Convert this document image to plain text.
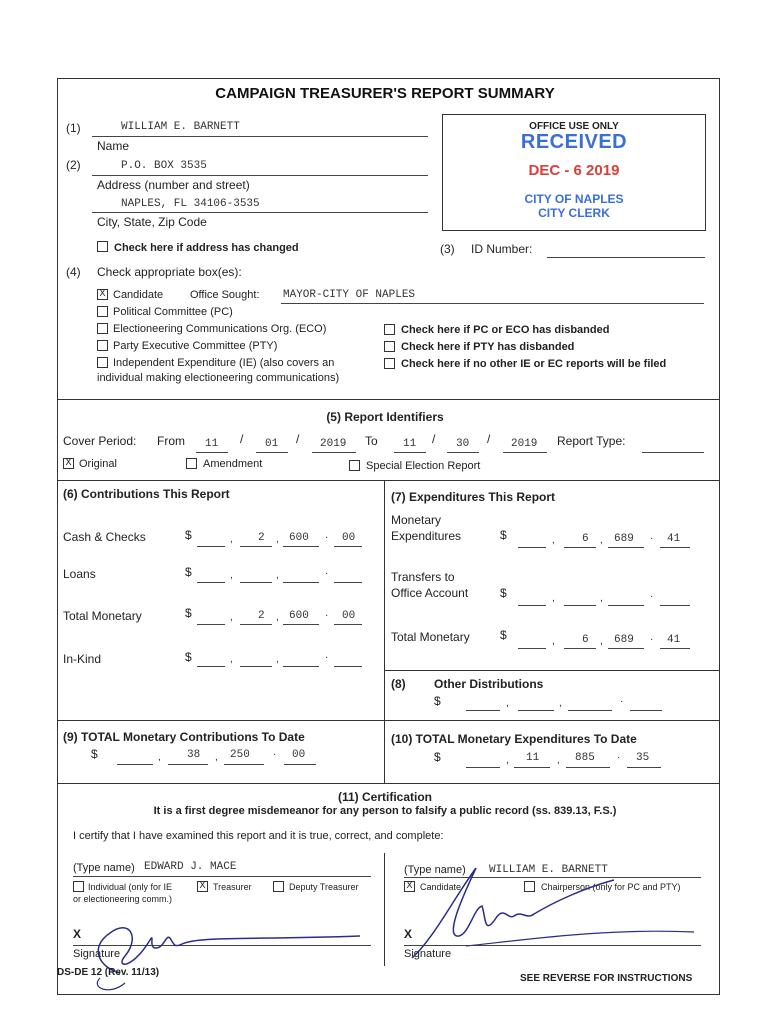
CAMPAIGN TREASURER'S REPORT SUMMARY
(1)	WILLIAM E. BARNETT
Name
(2)	P.O. BOX 3535
Address (number and street)
NAPLES, FL 34106-3535
City, State, Zip Code
Check here if address has changed
OFFICE USE ONLY
RECEIVED
DEC - 6 2019
CITY OF NAPLES
CITY CLERK
(3) ID Number:
(4) Check appropriate box(es):
X Candidate Office Sought: MAYOR-CITY OF NAPLES
Political Committee (PC)
Electioneering Communications Org. (ECO)
Party Executive Committee (PTY)
Independent Expenditure (IE) (also covers an
individual making electioneering communications)
Check here if PC or ECO has disbanded
Check here if PTY has disbanded
Check here if no other IE or EC reports will be filed
(5) Report Identifiers
Cover Period: From 11 / 01 / 2019 To 11 / 30 / 2019 Report Type:
X Original	Amendment	Special Election Report
(6) Contributions This Report
Cash & Checks	$	, 2 , 600 · 00
Loans	$	,	,	·
Total Monetary	$	, 2 , 600 · 00
In-Kind	$	,	,	·
(7) Expenditures This Report
Monetary
Expenditures	$	, 6 , 689 · 41
Transfers to
Office Account	$	,	,	·
Total Monetary	$	, 6 , 689 · 41
(8) Other Distributions
$	,	,	·
(9) TOTAL Monetary Contributions To Date
$	, 38 , 250 · 00
(10) TOTAL Monetary Expenditures To Date
$	, 11 , 885 · 35
(11) Certification
It is a first degree misdemeanor for any person to falsify a public record (ss. 839.13, F.S.)
I certify that I have examined this report and it is true, correct, and complete:
(Type name) EDWARD J. MACE
Individual (only for IE
or electioneering comm.)
X Treasurer	Deputy Treasurer
(Type name) WILLIAM E. BARNETT
X Candidate	Chairperson (only for PC and PTY)
X
Signature
X
Signature
DS-DE 12 (Rev. 11/13)
SEE REVERSE FOR INSTRUCTIONS
